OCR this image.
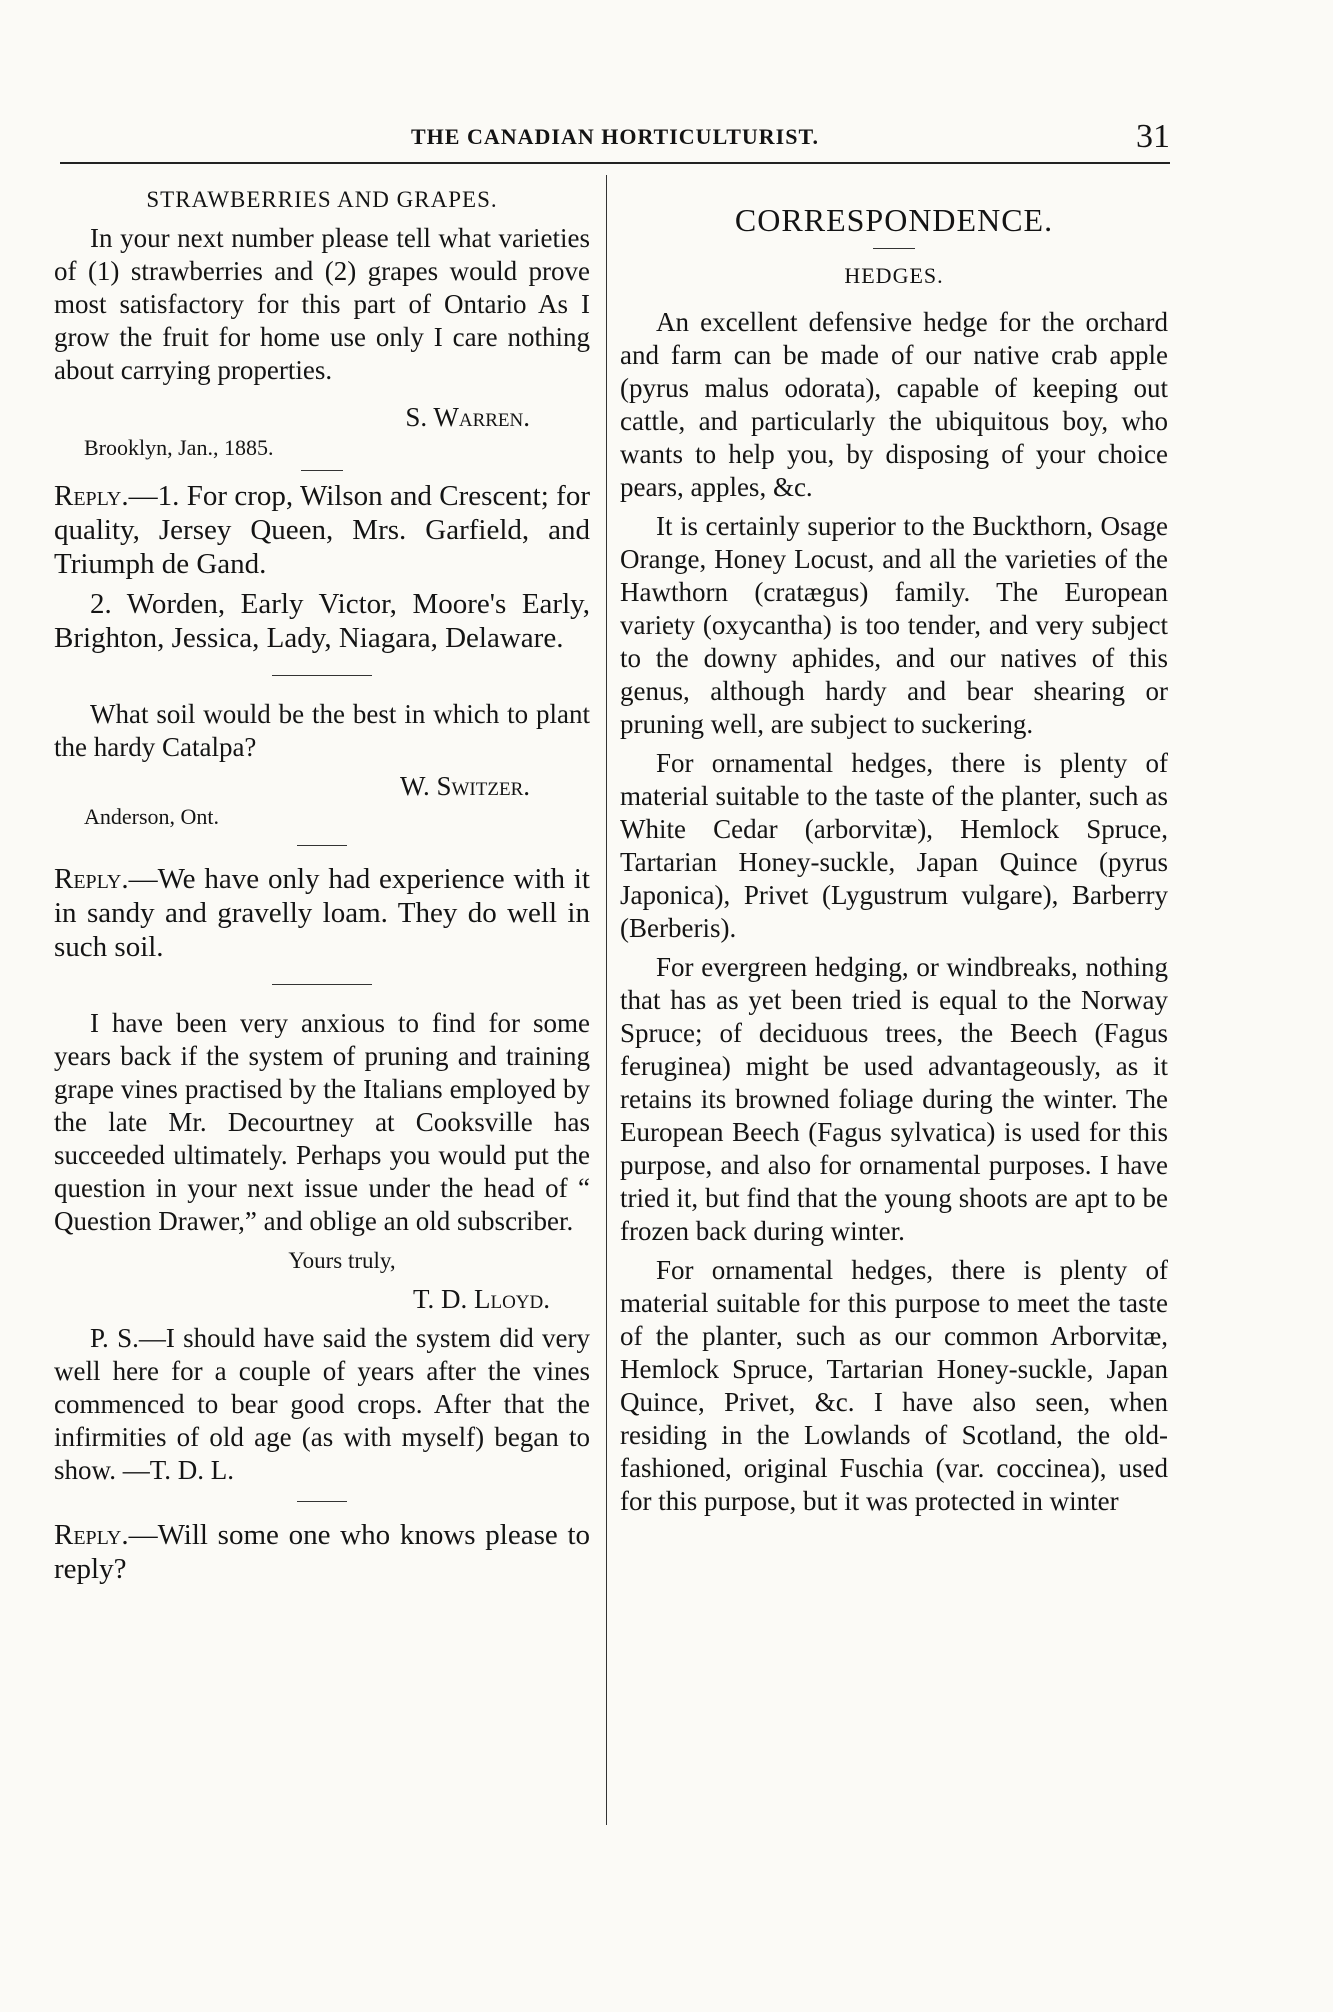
THE CANADIAN HORTICULTURIST.	31

STRAWBERRIES AND GRAPES.

In your next number please tell what varieties of (1) strawberries and (2) grapes would prove most satisfactory for this part of Ontario As I grow the fruit for home use only I care nothing about carrying properties.

S. Warren.

Brooklyn, Jan., 1885.

Reply.—1. For crop, Wilson and Crescent; for quality, Jersey Queen, Mrs. Garfield, and Triumph de Gand.

2. Worden, Early Victor, Moore's Early, Brighton, Jessica, Lady, Niagara, Delaware.

What soil would be the best in which to plant the hardy Catalpa?

W. Switzer.

Anderson, Ont.

Reply.—We have only had experience with it in sandy and gravelly loam. They do well in such soil.

I have been very anxious to find for some years back if the system of pruning and training grape vines practised by the Italians employed by the late Mr. Decourtney at Cooksville has succeeded ultimately. Perhaps you would put the question in your next issue under the head of “ Question Drawer,” and oblige an old subscriber.

Yours truly,

T. D. Lloyd.

P. S.—I should have said the system did very well here for a couple of years after the vines commenced to bear good crops. After that the infirmities of old age (as with myself) began to show. —T. D. L.

Reply.—Will some one who knows please to reply?

CORRESPONDENCE.

HEDGES.

An excellent defensive hedge for the orchard and farm can be made of our native crab apple (pyrus malus odorata), capable of keeping out cattle, and particularly the ubiquitous boy, who wants to help you, by disposing of your choice pears, apples, &c.

It is certainly superior to the Buckthorn, Osage Orange, Honey Locust, and all the varieties of the Hawthorn (cratægus) family. The European variety (oxycantha) is too tender, and very subject to the downy aphides, and our natives of this genus, although hardy and bear shearing or pruning well, are subject to suckering.

For ornamental hedges, there is plenty of material suitable to the taste of the planter, such as White Cedar (arborvitæ), Hemlock Spruce, Tartarian Honey-suckle, Japan Quince (pyrus Japonica), Privet (Lygustrum vulgare), Barberry (Berberis).

For evergreen hedging, or windbreaks, nothing that has as yet been tried is equal to the Norway Spruce; of deciduous trees, the Beech (Fagus feruginea) might be used advantageously, as it retains its browned foliage during the winter. The European Beech (Fagus sylvatica) is used for this purpose, and also for ornamental purposes. I have tried it, but find that the young shoots are apt to be frozen back during winter.

For ornamental hedges, there is plenty of material suitable for this purpose to meet the taste of the planter, such as our common Arborvitæ, Hemlock Spruce, Tartarian Honey-suckle, Japan Quince, Privet, &c. I have also seen, when residing in the Lowlands of Scotland, the old-fashioned, original Fuschia (var. coccinea), used for this purpose, but it was protected in winter
